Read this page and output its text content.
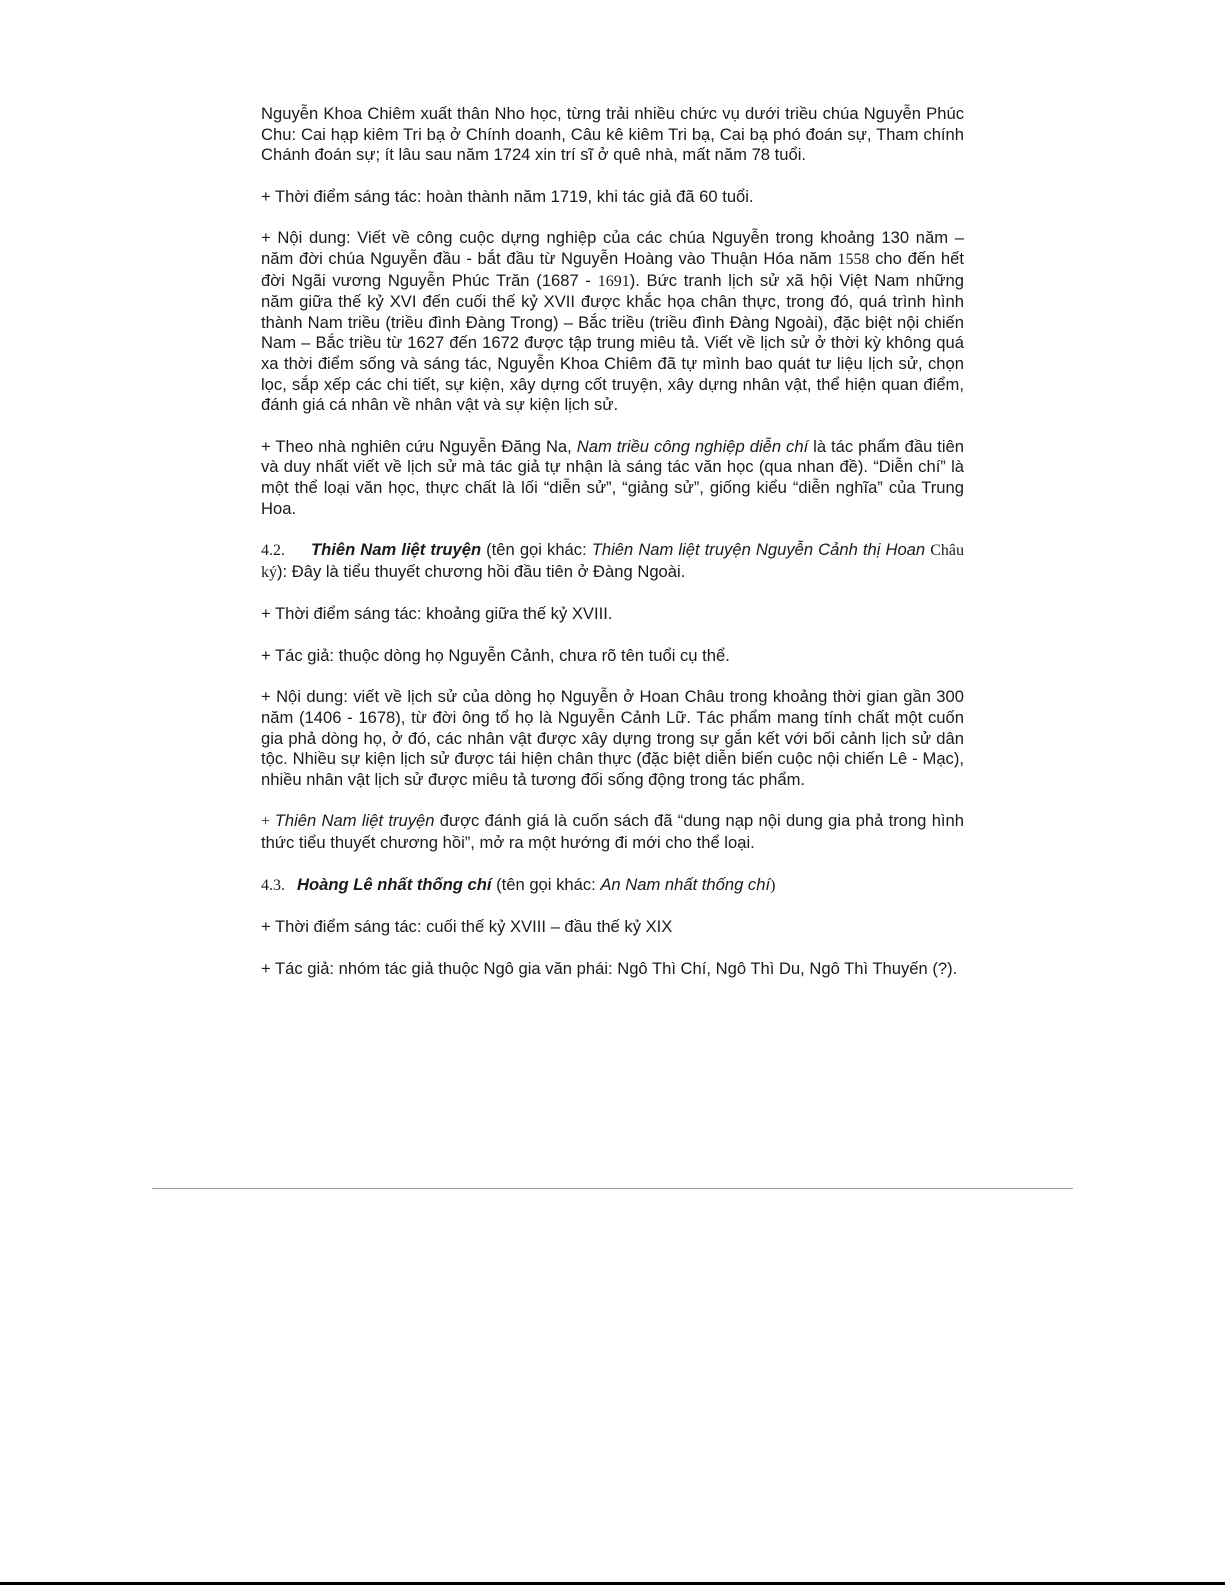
Nguyễn Khoa Chiêm xuất thân Nho học, từng trải nhiều chức vụ dưới triều chúa Nguyễn Phúc Chu: Cai hạp kiêm Tri bạ ở Chính doanh, Câu kê kiêm Tri bạ, Cai bạ phó đoán sự, Tham chính Chánh đoán sự; ít lâu sau năm 1724 xin trí sĩ ở quê nhà, mất năm 78 tuổi.

+ Thời điểm sáng tác: hoàn thành năm 1719, khi tác giả đã 60 tuổi.

+ Nội dung: Viết về công cuộc dựng nghiệp của các chúa Nguyễn trong khoảng 130 năm – năm đời chúa Nguyễn đầu - bắt đầu từ Nguyễn Hoàng vào Thuận Hóa năm 1558 cho đến hết đời Ngãi vương Nguyễn Phúc Trăn (1687 - 1691). Bức tranh lịch sử xã hội Việt Nam những năm giữa thế kỷ XVI đến cuối thế kỷ XVII được khắc họa chân thực, trong đó, quá trình hình thành Nam triều (triều đình Đàng Trong) – Bắc triều (triều đình Đàng Ngoài), đặc biệt nội chiến Nam – Bắc triều từ 1627 đến 1672 được tập trung miêu tả. Viết về lịch sử ở thời kỳ không quá xa thời điểm sống và sáng tác, Nguyễn Khoa Chiêm đã tự mình bao quát tư liệu lịch sử, chọn lọc, sắp xếp các chi tiết, sự kiện, xây dựng cốt truyện, xây dựng nhân vật, thể hiện quan điểm, đánh giá cá nhân về nhân vật và sự kiện lịch sử.

+ Theo nhà nghiên cứu Nguyễn Đăng Na, Nam triều công nghiệp diễn chí là tác phẩm đầu tiên và duy nhất viết về lịch sử mà tác giả tự nhận là sáng tác văn học (qua nhan đề). “Diễn chí” là một thể loại văn học, thực chất là lối “diễn sử”, “giảng sử”, giống kiểu “diễn nghĩa” của Trung Hoa.

4.2. Thiên Nam liệt truyện (tên gọi khác: Thiên Nam liệt truyện Nguyễn Cảnh thị Hoan Châu ký): Đây là tiểu thuyết chương hồi đầu tiên ở Đàng Ngoài.

+ Thời điểm sáng tác: khoảng giữa thế kỷ XVIII.

+ Tác giả: thuộc dòng họ Nguyễn Cảnh, chưa rõ tên tuổi cụ thể.

+ Nội dung: viết về lịch sử của dòng họ Nguyễn ở Hoan Châu trong khoảng thời gian gần 300 năm (1406 - 1678), từ đời ông tổ họ là Nguyễn Cảnh Lữ. Tác phẩm mang tính chất một cuốn gia phả dòng họ, ở đó, các nhân vật được xây dựng trong sự gắn kết với bối cảnh lịch sử dân tộc. Nhiều sự kiện lịch sử được tái hiện chân thực (đặc biệt diễn biến cuộc nội chiến Lê - Mạc), nhiều nhân vật lịch sử được miêu tả tương đối sống động trong tác phẩm.

+ Thiên Nam liệt truyện được đánh giá là cuốn sách đã “dung nạp nội dung gia phả trong hình thức tiểu thuyết chương hồi”, mở ra một hướng đi mới cho thể loại.

4.3. Hoàng Lê nhất thống chí (tên gọi khác: An Nam nhất thống chí)

+ Thời điểm sáng tác: cuối thế kỷ XVIII – đầu thế kỷ XIX

+ Tác giả: nhóm tác giả thuộc Ngô gia văn phái: Ngô Thì Chí, Ngô Thì Du, Ngô Thì Thuyến (?).
